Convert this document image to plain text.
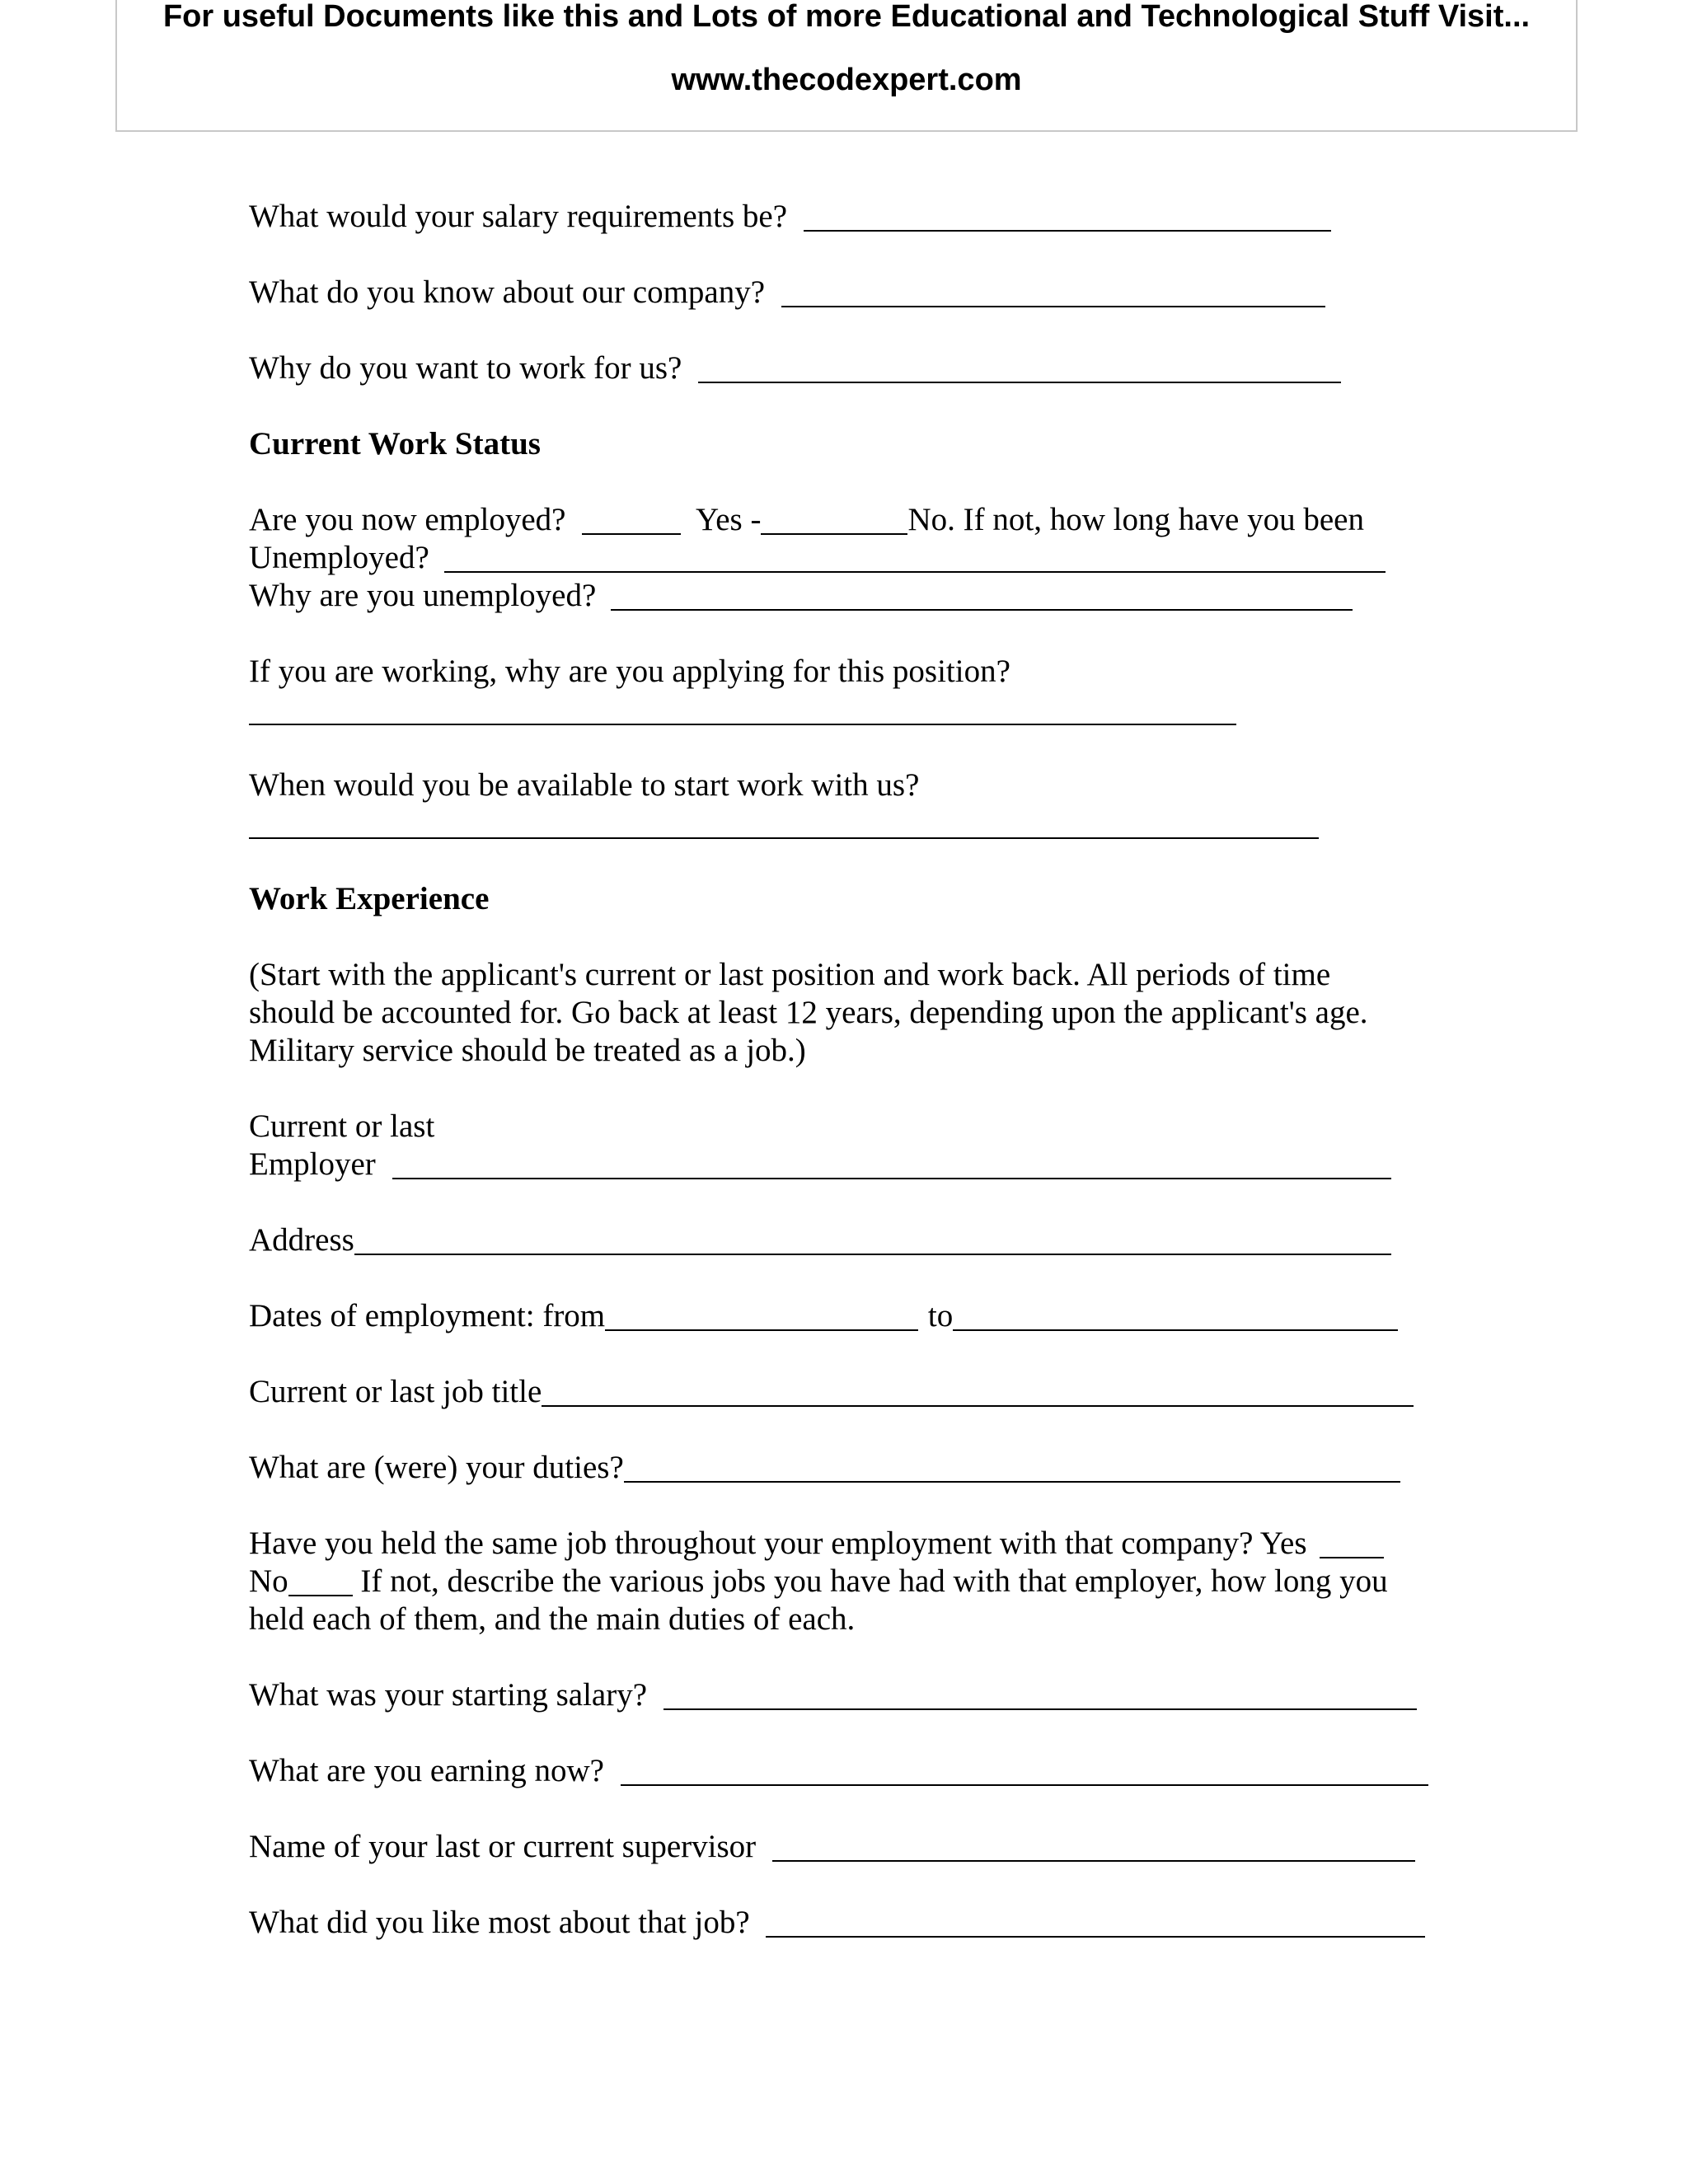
For useful Documents like this and Lots of more Educational and Technological Stuff Visit...
www.thecodexpert.com
What would your salary requirements be?
What do you know about our company?
Why do you want to work for us?
Current Work Status
Are you now employed?	Yes -	No. If not, how long have you been
Unemployed?
Why are you unemployed?
If you are working, why are you applying for this position?
When would you be available to start work with us?
Work Experience
(Start with the applicant's current or last position and work back. All periods of time
should be accounted for. Go back at least 12 years, depending upon the applicant's age.
Military service should be treated as a job.)
Current or last
Employer
Address
Dates of employment: from	to
Current or last job title
What are (were) your duties?
Have you held the same job throughout your employment with that company? Yes
No If not, describe the various jobs you have had with that employer, how long you
held each of them, and the main duties of each.
What was your starting salary?
What are you earning now?
Name of your last or current supervisor
What did you like most about that job?
